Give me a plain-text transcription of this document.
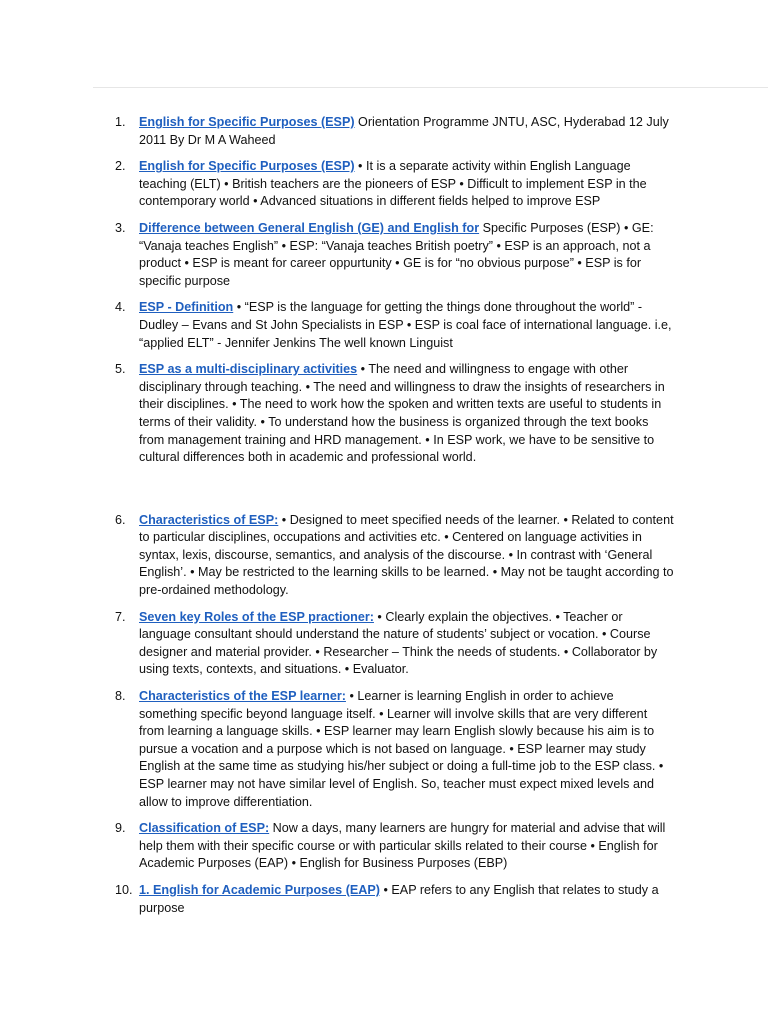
1.	English for Specific Purposes (ESP) Orientation Programme JNTU, ASC, Hyderabad 12 July 2011 By Dr M A Waheed
2.	English for Specific Purposes (ESP) • It is a separate activity within English Language teaching (ELT) • British teachers are the pioneers of ESP • Difficult to implement ESP in the contemporary world • Advanced situations in different fields helped to improve ESP
3.	Difference between General English (GE) and English for Specific Purposes (ESP) • GE: “Vanaja teaches English” • ESP: “Vanaja teaches British poetry” • ESP is an approach, not a product • ESP is meant for career oppurtunity • GE is for “no obvious purpose” • ESP is for specific purpose
4.	ESP - Definition • “ESP is the language for getting the things done throughout the world” - Dudley – Evans and St John Specialists in ESP • ESP is coal face of international language. i.e, “applied ELT” - Jennifer Jenkins The well known Linguist
5.	ESP as a multi-disciplinary activities • The need and willingness to engage with other disciplinary through teaching. • The need and willingness to draw the insights of researchers in their disciplines. • The need to work how the spoken and written texts are useful to students in terms of their validity. • To understand how the business is organized through the text books from management training and HRD management. • In ESP work, we have to be sensitive to cultural differences both in academic and professional world.
6.	Characteristics of ESP: • Designed to meet specified needs of the learner. • Related to content to particular disciplines, occupations and activities etc. • Centered on language activities in syntax, lexis, discourse, semantics, and analysis of the discourse. • In contrast with ‘General English’. • May be restricted to the learning skills to be learned. • May not be taught according to pre-ordained methodology.
7.	Seven key Roles of the ESP practioner: • Clearly explain the objectives. • Teacher or language consultant should understand the nature of students’ subject or vocation. • Course designer and material provider. • Researcher – Think the needs of students. • Collaborator by using texts, contexts, and situations. • Evaluator.
8.	Characteristics of the ESP learner: • Learner is learning English in order to achieve something specific beyond language itself. • Learner will involve skills that are very different from learning a language skills. • ESP learner may learn English slowly because his aim is to pursue a vocation and a purpose which is not based on language. • ESP learner may study English at the same time as studying his/her subject or doing a full-time job to the ESP class. • ESP learner may not have similar level of English. So, teacher must expect mixed levels and allow to improve differentiation.
9.	Classification of ESP: Now a days, many learners are hungry for material and advise that will help them with their specific course or with particular skills related to their course • English for Academic Purposes (EAP) • English for Business Purposes (EBP)
10. 1. English for Academic Purposes (EAP) • EAP refers to any English that relates to study a purpose
